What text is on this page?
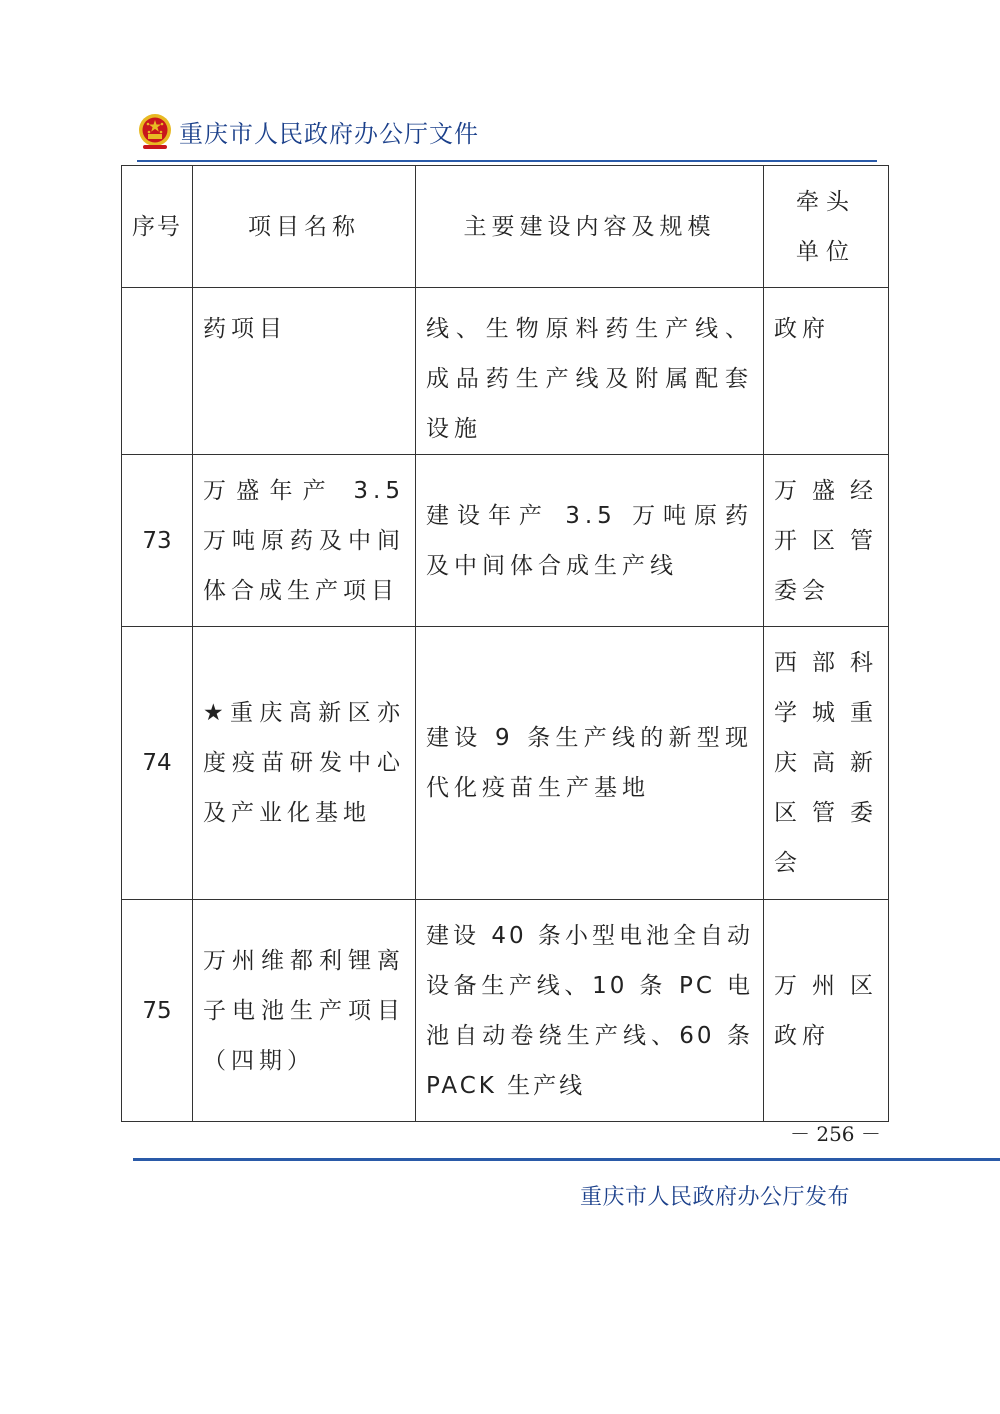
重庆市人民政府办公厅文件
序号	项目名称	主要建设内容及规模	牵头单位
	药项目	线、生物原料药生产线、成品药生产线及附属配套设施	政府
73	万盛年产 3.5 万吨原药及中间体合成生产项目	建设年产 3.5 万吨原药及中间体合成生产线	万盛经开区管委会
74	★重庆高新区亦度疫苗研发中心及产业化基地	建设 9 条生产线的新型现代化疫苗生产基地	西部科学城重庆高新区管委会
75	万州维都利锂离子电池生产项目（四期）	建设 40 条小型电池全自动设备生产线、10 条 PC 电池自动卷绕生产线、60 条 PACK 生产线	万州区政府
－ 256 －
重庆市人民政府办公厅发布
